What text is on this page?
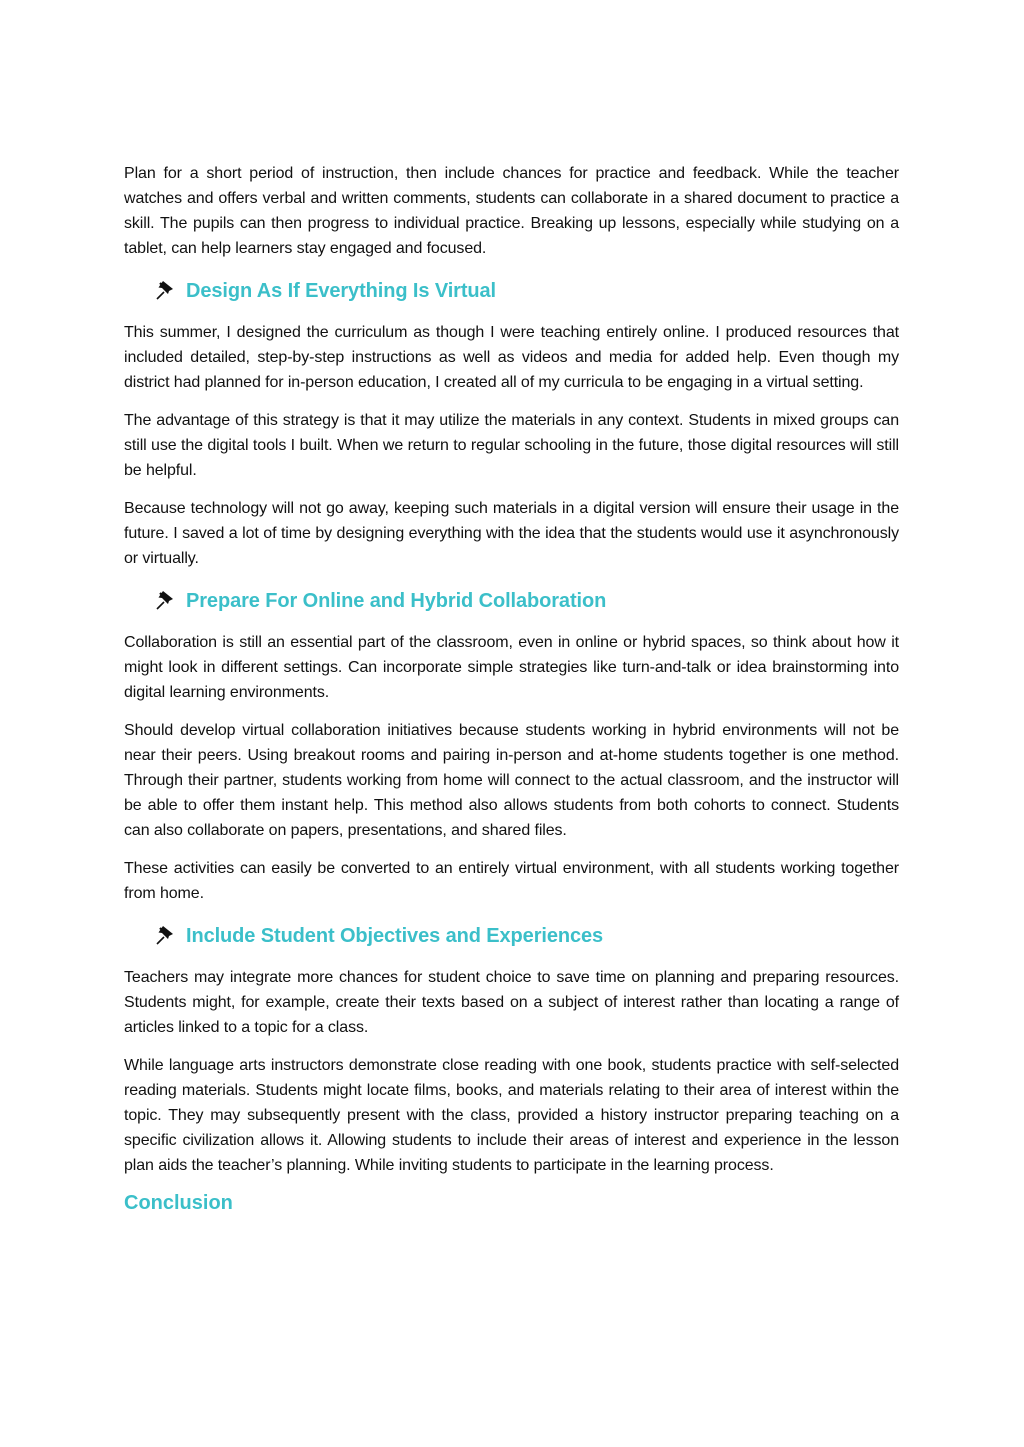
Plan for a short period of instruction, then include chances for practice and feedback. While the teacher watches and offers verbal and written comments, students can collaborate in a shared document to practice a skill. The pupils can then progress to individual practice. Breaking up lessons, especially while studying on a tablet, can help learners stay engaged and focused.

Design As If Everything Is Virtual

This summer, I designed the curriculum as though I were teaching entirely online. I produced resources that included detailed, step-by-step instructions as well as videos and media for added help. Even though my district had planned for in-person education, I created all of my curricula to be engaging in a virtual setting.

The advantage of this strategy is that it may utilize the materials in any context. Students in mixed groups can still use the digital tools I built. When we return to regular schooling in the future, those digital resources will still be helpful.

Because technology will not go away, keeping such materials in a digital version will ensure their usage in the future. I saved a lot of time by designing everything with the idea that the students would use it asynchronously or virtually.

Prepare For Online and Hybrid Collaboration

Collaboration is still an essential part of the classroom, even in online or hybrid spaces, so think about how it might look in different settings. Can incorporate simple strategies like turn-and-talk or idea brainstorming into digital learning environments.

Should develop virtual collaboration initiatives because students working in hybrid environments will not be near their peers. Using breakout rooms and pairing in-person and at-home students together is one method. Through their partner, students working from home will connect to the actual classroom, and the instructor will be able to offer them instant help. This method also allows students from both cohorts to connect. Students can also collaborate on papers, presentations, and shared files.

These activities can easily be converted to an entirely virtual environment, with all students working together from home.

Include Student Objectives and Experiences

Teachers may integrate more chances for student choice to save time on planning and preparing resources. Students might, for example, create their texts based on a subject of interest rather than locating a range of articles linked to a topic for a class.

While language arts instructors demonstrate close reading with one book, students practice with self-selected reading materials. Students might locate films, books, and materials relating to their area of interest within the topic. They may subsequently present with the class, provided a history instructor preparing teaching on a specific civilization allows it. Allowing students to include their areas of interest and experience in the lesson plan aids the teacher’s planning. While inviting students to participate in the learning process.

Conclusion
